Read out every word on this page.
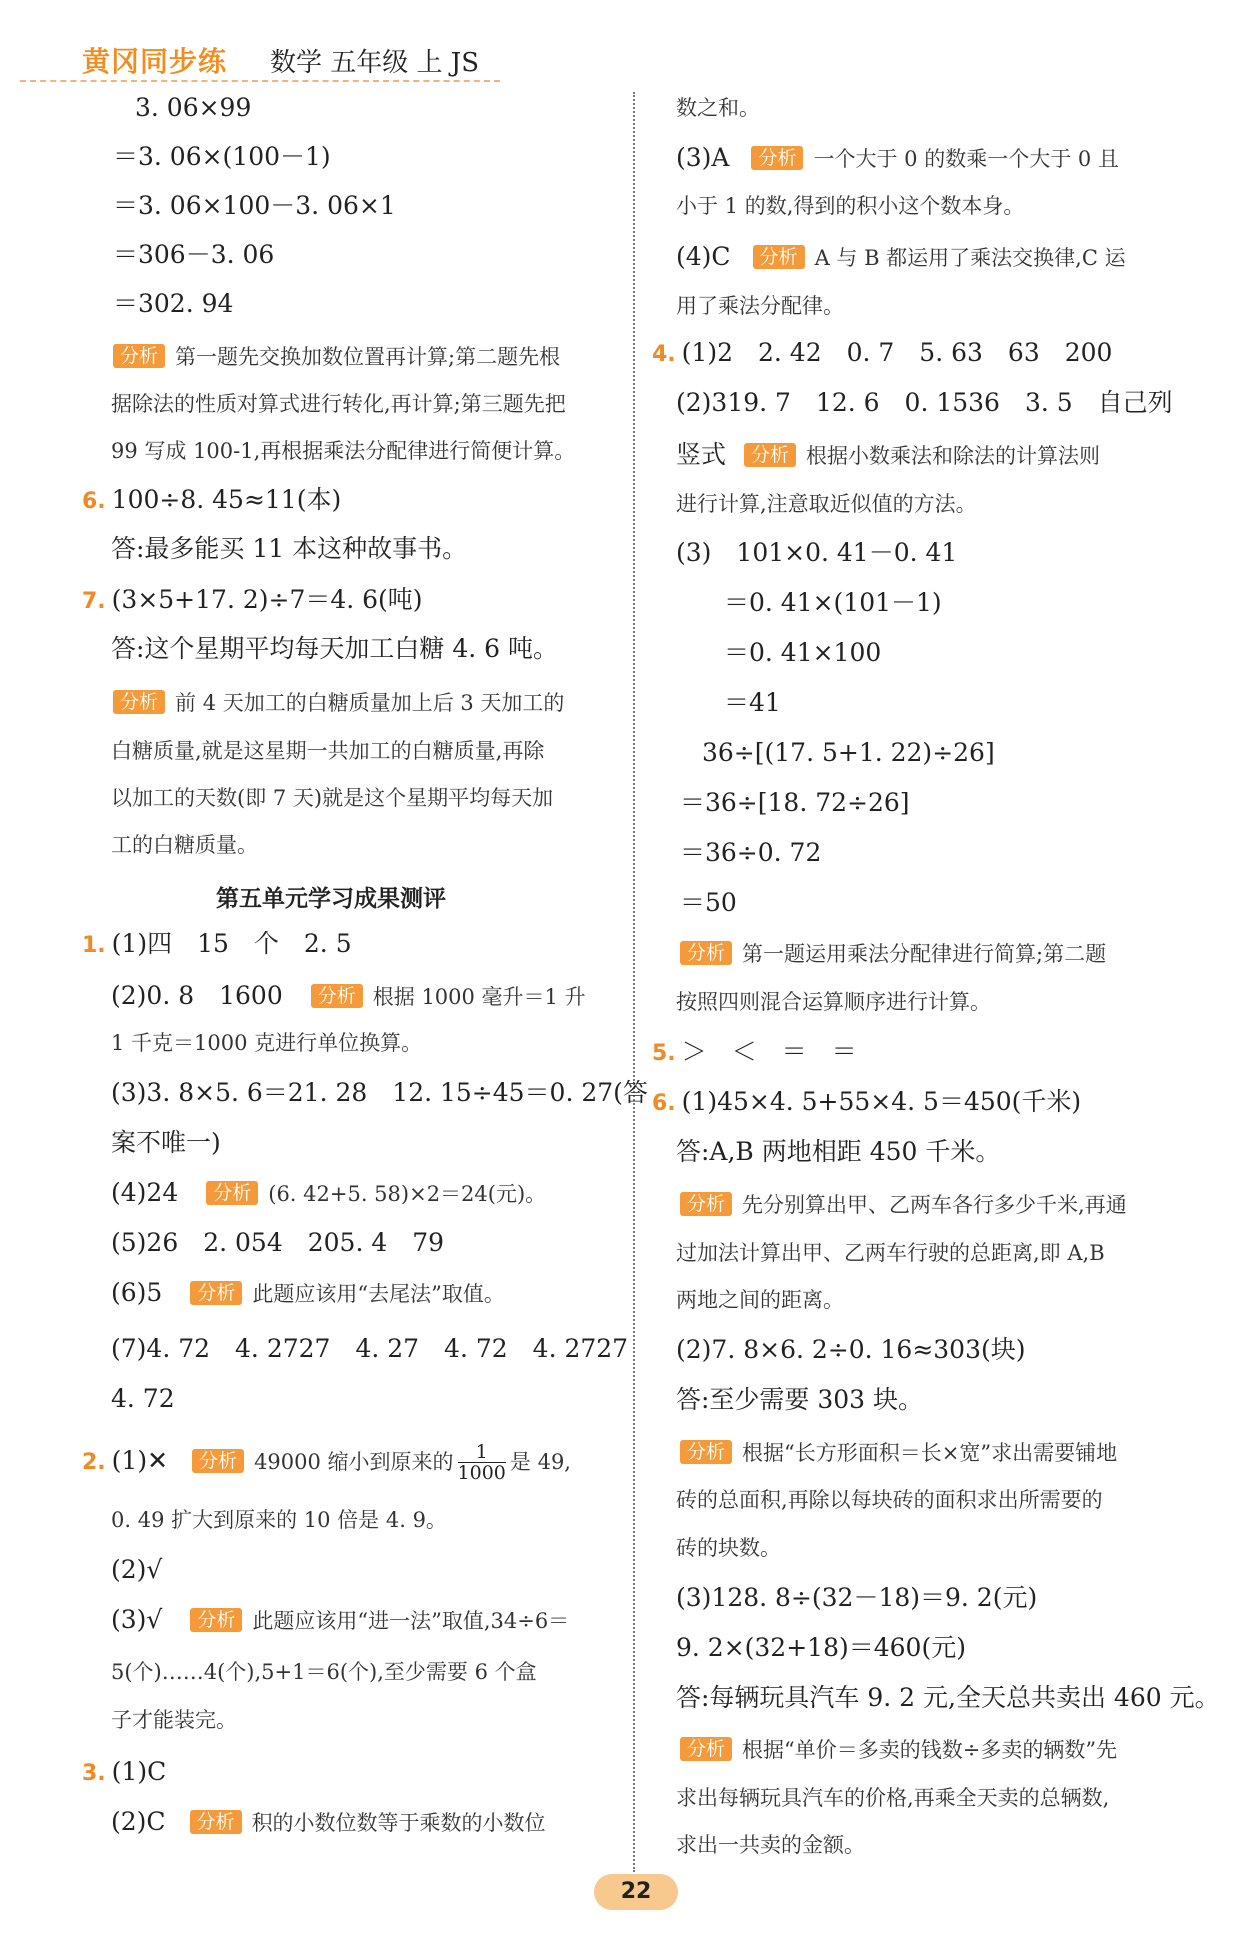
黄冈同步练 数学 五年级 上 JS
3. 06×99
＝3. 06×(100－1)
＝3. 06×100－3. 06×1
＝306－3. 06
＝302. 94
分析 第一题先交换加数位置再计算;第二题先根
据除法的性质对算式进行转化,再计算;第三题先把
99 写成 100-1,再根据乘法分配律进行简便计算。
6. 100÷8. 45≈11(本)
答:最多能买 11 本这种故事书。
7. (3×5+17. 2)÷7＝4. 6(吨)
答:这个星期平均每天加工白糖 4. 6 吨。
分析 前 4 天加工的白糖质量加上后 3 天加工的
白糖质量,就是这星期一共加工的白糖质量,再除
以加工的天数(即 7 天)就是这个星期平均每天加
工的白糖质量。
第五单元学习成果测评
1. (1)四　15　个　2. 5
(2)0. 8　1600 分析 根据 1000 毫升＝1 升
1 千克＝1000 克进行单位换算。
(3)3. 8×5. 6＝21. 28　12. 15÷45＝0. 27(答
案不唯一)
(4)24 分析 (6. 42+5. 58)×2＝24(元)。
(5)26　2. 054　205. 4　79
(6)5 分析 此题应该用“去尾法”取值。
(7)4. 72　4. 2727　4. 27　4. 72　4. 2727
4. 72
2. (1)✕ 分析 49000 缩小到原来的 $\frac{1}{1000}$ 是 49,
0. 49 扩大到原来的 10 倍是 4. 9。
(2)√
(3)√ 分析 此题应该用“进一法”取值,34÷6＝
5(个)……4(个),5+1＝6(个),至少需要 6 个盒
子才能装完。
3. (1)C
(2)C 分析 积的小数位数等于乘数的小数位
数之和。
(3)A 分析 一个大于 0 的数乘一个大于 0 且
小于 1 的数,得到的积小这个数本身。
(4)C 分析 A 与 B 都运用了乘法交换律,C 运
用了乘法分配律。
4. (1)2　2. 42　0. 7　5. 63　63　200
(2)319. 7　12. 6　0. 1536　3. 5　自己列
竖式 分析 根据小数乘法和除法的计算法则
进行计算,注意取近似值的方法。
(3)　101×0. 41－0. 41
＝0. 41×(101－1)
＝0. 41×100
＝41
36÷[(17. 5+1. 22)÷26]
＝36÷[18. 72÷26]
＝36÷0. 72
＝50
分析 第一题运用乘法分配律进行简算;第二题
按照四则混合运算顺序进行计算。
5. ＞　＜　＝　＝
6. (1)45×4. 5+55×4. 5＝450(千米)
答:A,B 两地相距 450 千米。
分析 先分别算出甲、乙两车各行多少千米,再通
过加法计算出甲、乙两车行驶的总距离,即 A,B
两地之间的距离。
(2)7. 8×6. 2÷0. 16≈303(块)
答:至少需要 303 块。
分析 根据“长方形面积＝长×宽”求出需要铺地
砖的总面积,再除以每块砖的面积求出所需要的
砖的块数。
(3)128. 8÷(32－18)＝9. 2(元)
9. 2×(32+18)＝460(元)
答:每辆玩具汽车 9. 2 元,全天总共卖出 460 元。
分析 根据“单价＝多卖的钱数÷多卖的辆数”先
求出每辆玩具汽车的价格,再乘全天卖的总辆数,
求出一共卖的金额。
22
